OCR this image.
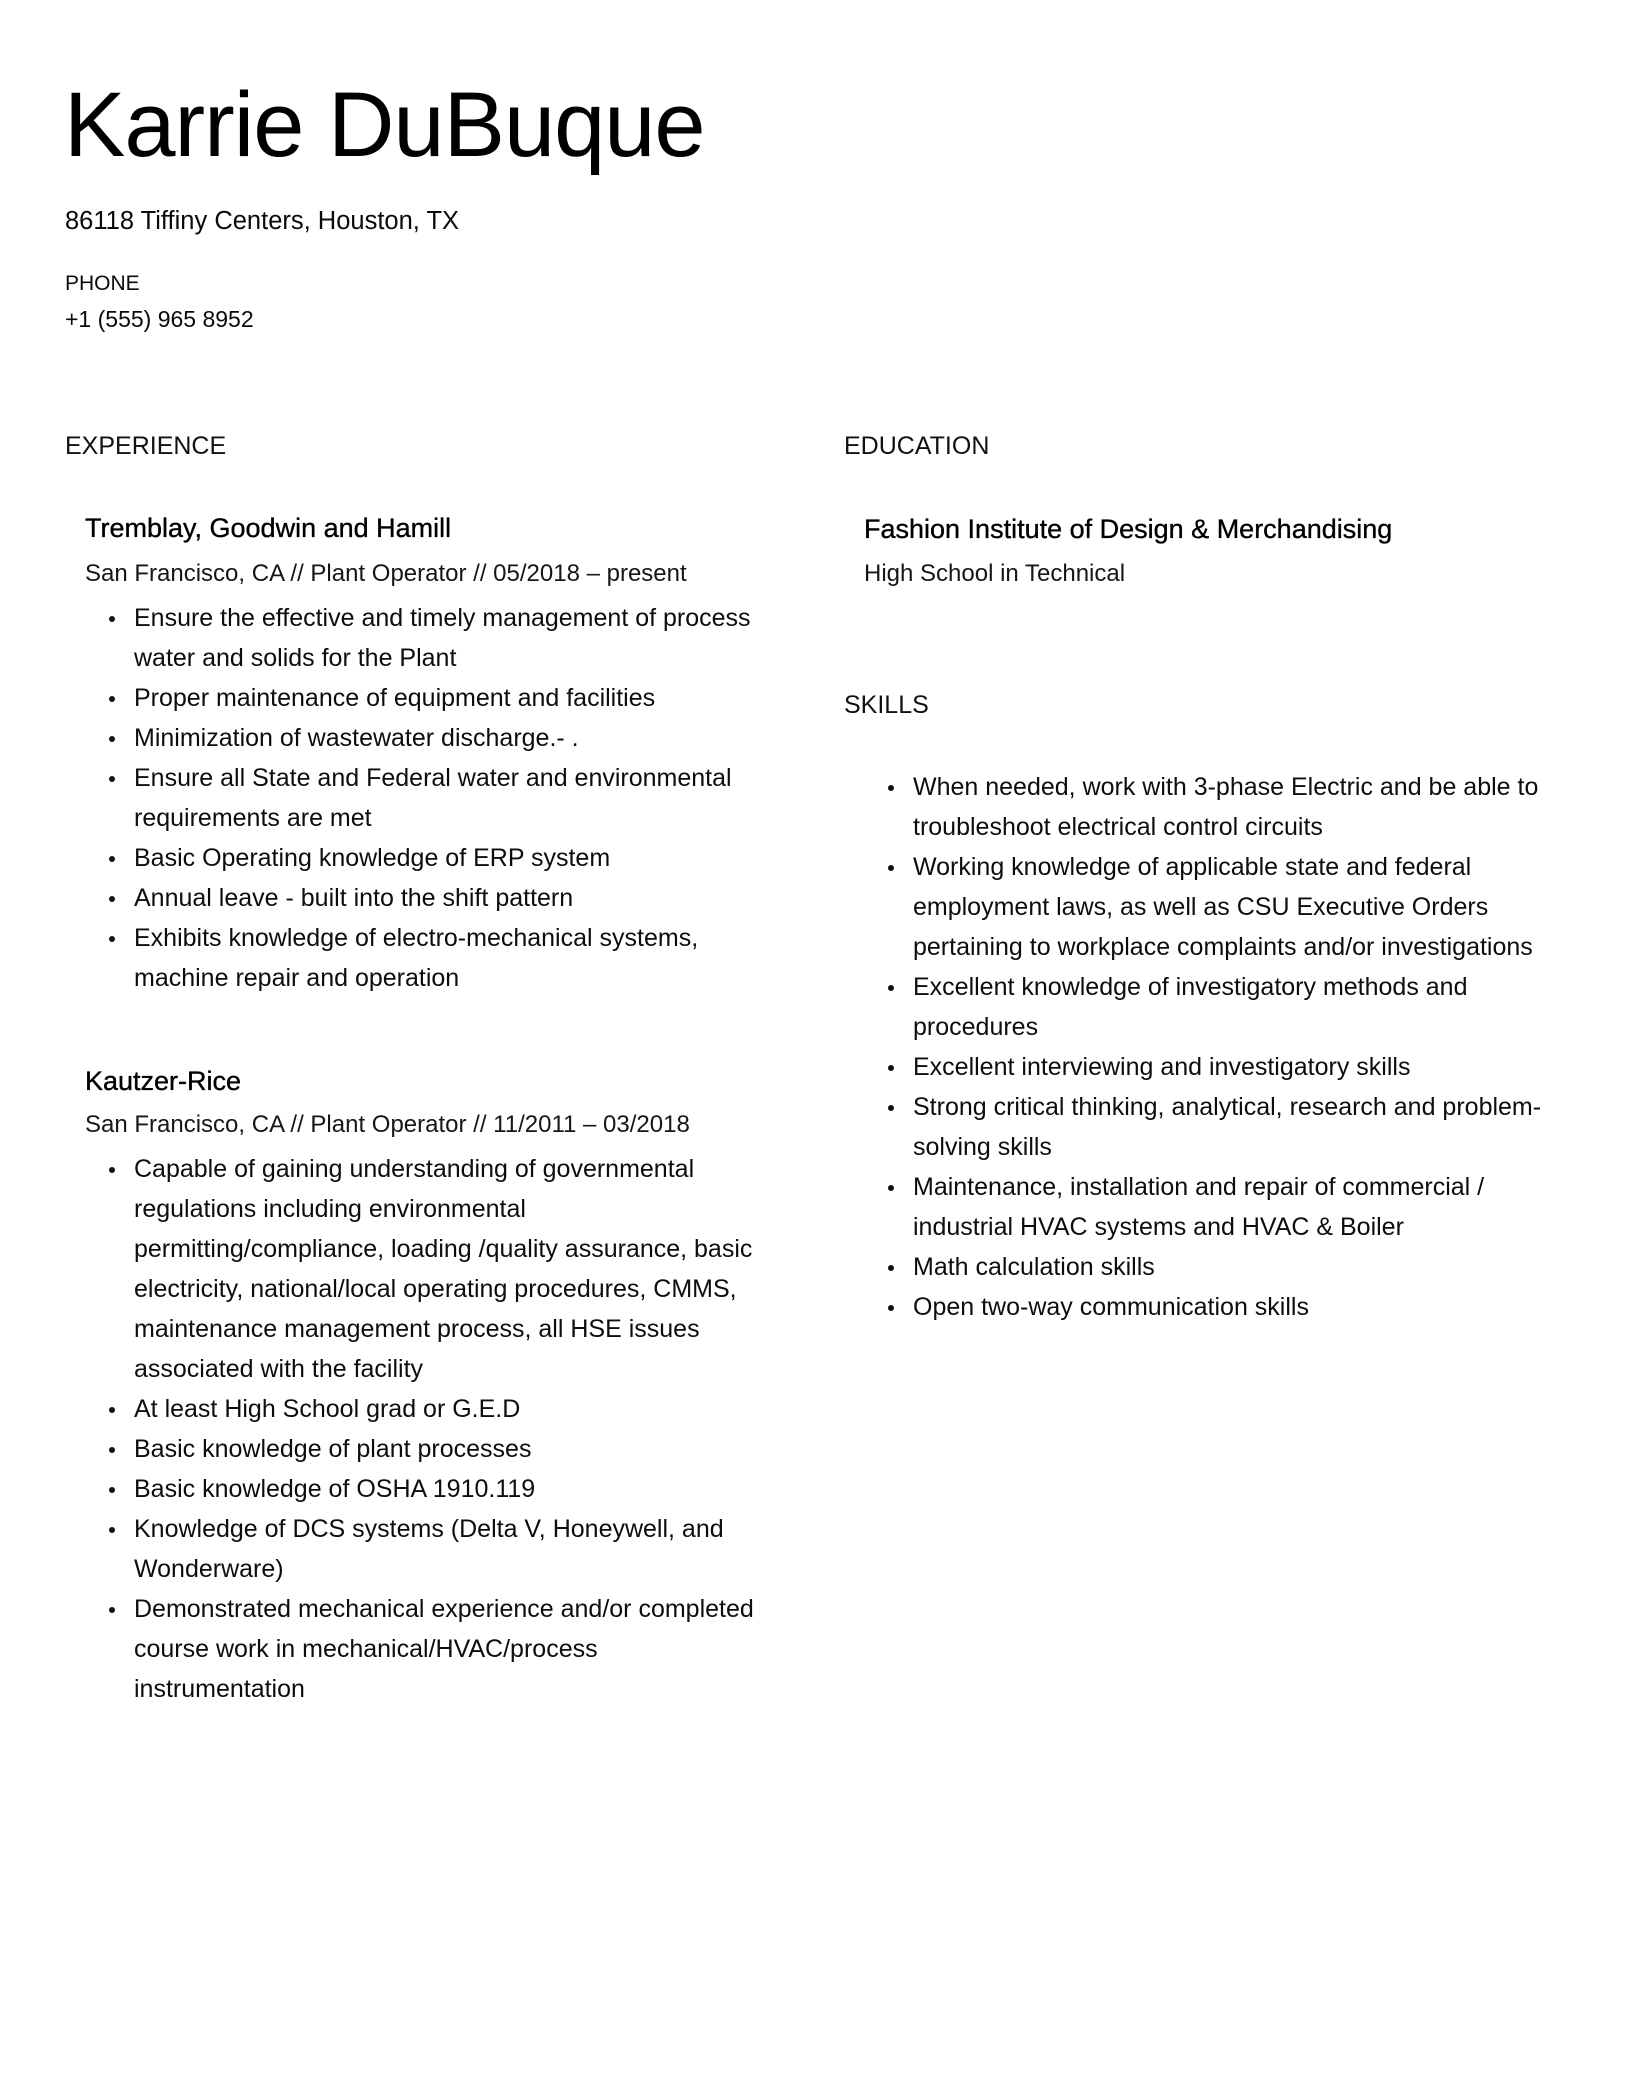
Karrie DuBuque
86118 Tiffiny Centers, Houston, TX
PHONE
+1 (555) 965 8952
EXPERIENCE
Tremblay, Goodwin and Hamill
San Francisco, CA // Plant Operator // 05/2018 – present
Ensure the effective and timely management of process water and solids for the Plant
Proper maintenance of equipment and facilities
Minimization of wastewater discharge.- .
Ensure all State and Federal water and environmental requirements are met
Basic Operating knowledge of ERP system
Annual leave - built into the shift pattern
Exhibits knowledge of electro-mechanical systems, machine repair and operation
Kautzer-Rice
San Francisco, CA // Plant Operator // 11/2011 – 03/2018
Capable of gaining understanding of governmental regulations including environmental permitting/compliance, loading /quality assurance, basic electricity, national/local operating procedures, CMMS, maintenance management process, all HSE issues associated with the facility
At least High School grad or G.E.D
Basic knowledge of plant processes
Basic knowledge of OSHA 1910.119
Knowledge of DCS systems (Delta V, Honeywell, and Wonderware)
Demonstrated mechanical experience and/or completed course work in mechanical/HVAC/process instrumentation
EDUCATION
Fashion Institute of Design & Merchandising
High School in Technical
SKILLS
When needed, work with 3-phase Electric and be able to troubleshoot electrical control circuits
Working knowledge of applicable state and federal employment laws, as well as CSU Executive Orders pertaining to workplace complaints and/or investigations
Excellent knowledge of investigatory methods and procedures
Excellent interviewing and investigatory skills
Strong critical thinking, analytical, research and problem-solving skills
Maintenance, installation and repair of commercial / industrial HVAC systems and HVAC & Boiler
Math calculation skills
Open two-way communication skills
